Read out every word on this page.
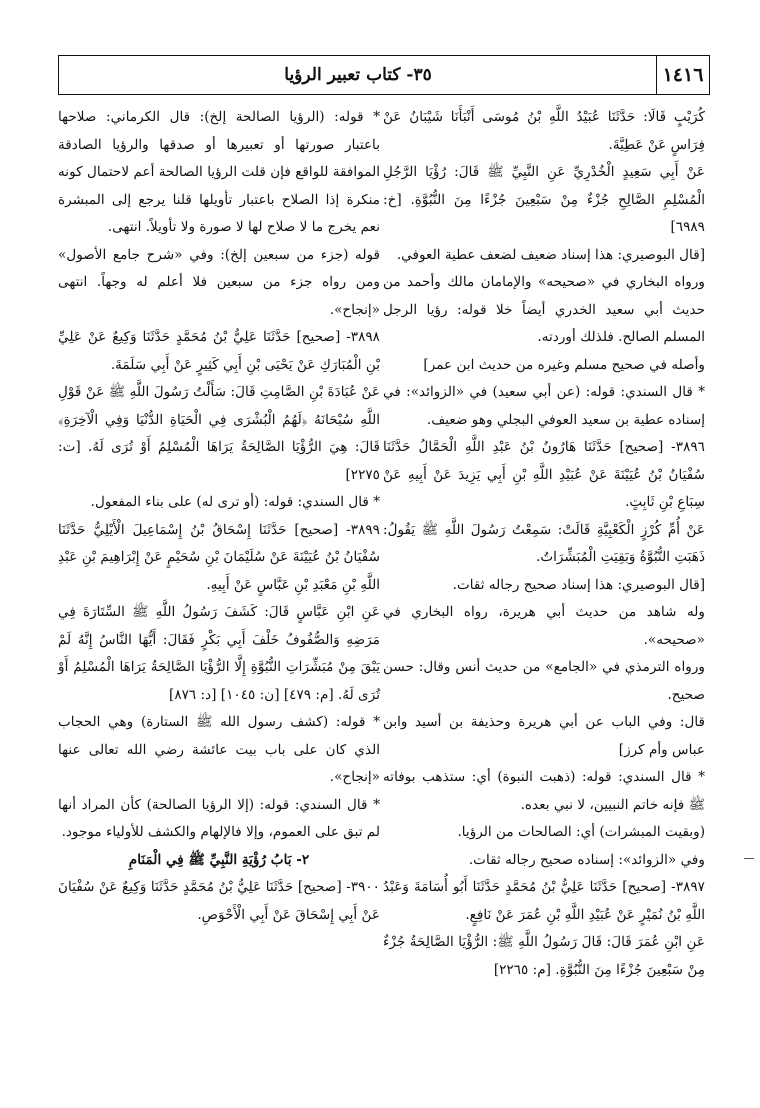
١٤١٦
٣٥- كتاب تعبير الرؤيا

كُرَيْبٍ قَالَا: حَدَّثَنَا عُبَيْدُ اللَّهِ بْنُ مُوسَى أَنْبَأَنَا شَيْبَانُ عَنْ فِرَاسٍ عَنْ عَطِيَّةَ.

عَنْ أَبِي سَعِيدٍ الْخُدْرِيِّ عَنِ النَّبِيِّ ﷺ قَالَ: رُؤْيَا الرَّجُلِ الْمُسْلِمِ الصَّالِحِ جُزْءٌ مِنْ سَبْعِينَ جُزْءًا مِنَ النُّبُوَّةِ. [خ: ٦٩٨٩]

[قال البوصيري: هذا إسناد ضعيف لضعف عطية العوفي.

ورواه البخاري في «صحيحه» والإمامان مالك وأحمد من حديث أبي سعيد الخدري أيضاً خلا قوله: رؤيا الرجل المسلم الصالح. فلذلك أوردته.

وأصله في صحيح مسلم وغيره من حديث ابن عمر]

* قال السندي: قوله: (عن أبي سعيد) في «الزوائد»: في إسناده عطية بن سعيد العوفي البجلي وهو ضعيف.

٣٨٩٦- [صحيح] حَدَّثَنَا هَارُونُ بْنُ عَبْدِ اللَّهِ الْحَمَّالُ حَدَّثَنَا سُفْيَانُ بْنُ عُيَيْنَةَ عَنْ عُبَيْدِ اللَّهِ بْنِ أَبِي يَزِيدَ عَنْ أَبِيهِ عَنْ سِبَاعِ بْنِ ثَابِتٍ.

عَنْ أُمِّ كُرْزٍ الْكَعْبِيَّةِ قَالَتْ: سَمِعْتُ رَسُولَ اللَّهِ ﷺ يَقُولُ: ذَهَبَتِ النُّبُوَّةُ وَبَقِيَتِ الْمُبَشِّرَاتُ.

[قال البوصيري: هذا إسناد صحيح رجاله ثقات.

وله شاهد من حديث أبي هريرة، رواه البخاري في «صحيحه».

ورواه الترمذي في «الجامع» من حديث أنس وقال: حسن صحيح.

قال: وفي الباب عن أبي هريرة وحذيفة بن أسيد وابن عباس وأم كرز]

* قال السندي: قوله: (ذهبت النبوة) أي: ستذهب بوفاته ﷺ فإنه خاتم النبيين، لا نبي بعده.

(وبقيت المبشرات) أي: الصالحات من الرؤيا.

وفي «الزوائد»: إسناده صحيح رجاله ثقات.

٣٨٩٧- [صحيح] حَدَّثَنَا عَلِيُّ بْنُ مُحَمَّدٍ حَدَّثَنَا أَبُو أُسَامَةَ وَعَبْدُ اللَّهِ بْنُ نُمَيْرٍ عَنْ عُبَيْدِ اللَّهِ بْنِ عُمَرَ عَنْ نَافِعٍ.

عَنِ ابْنِ عُمَرَ قَالَ: قَالَ رَسُولُ اللَّهِ ﷺ: الرُّؤْيَا الصَّالِحَةُ جُزْءٌ مِنْ سَبْعِينَ جُزْءًا مِنَ النُّبُوَّةِ. [م: ٢٢٦٥]

* قوله: (الرؤيا الصالحة إلخ): قال الكرماني: صلاحها باعتبار صورتها أو تعبيرها أو صدقها والرؤيا الصادقة الموافقة للواقع فإن قلت الرؤيا الصالحة أعم لاحتمال كونه منكرة إذا الصلاح باعتبار تأويلها قلنا يرجع إلى المبشرة نعم يخرج ما لا صلاح لها لا صورة ولا تأويلاً. انتهى.

قوله (جزء من سبعين إلخ): وفي «شرح جامع الأصول» ومن رواه جزء من سبعين فلا أعلم له وجهاً. انتهى «إنجاح».

٣٨٩٨- [صحيح] حَدَّثَنَا عَلِيُّ بْنُ مُحَمَّدٍ حَدَّثَنَا وَكِيعٌ عَنْ عَلِيِّ بْنِ الْمُبَارَكِ عَنْ يَحْيَى بْنِ أَبِي كَثِيرٍ عَنْ أَبِي سَلَمَةَ.

عَنْ عُبَادَةَ بْنِ الصَّامِتِ قَالَ: سَأَلْتُ رَسُولَ اللَّهِ ﷺ عَنْ قَوْلِ اللَّهِ سُبْحَانَهُ ﴿لَهُمُ الْبُشْرَى فِي الْحَيَاةِ الدُّنْيَا وَفِي الْآخِرَةِ﴾ قَالَ: هِيَ الرُّؤْيَا الصَّالِحَةُ يَرَاهَا الْمُسْلِمُ أَوْ تُرَى لَهُ. [ت: ٢٢٧٥]

* قال السندي: قوله: (أو ترى له) على بناء المفعول.

٣٨٩٩- [صحيح] حَدَّثَنَا إِسْحَاقُ بْنُ إِسْمَاعِيلَ الْأَيْلِيُّ حَدَّثَنَا سُفْيَانُ بْنُ عُيَيْنَةَ عَنْ سُلَيْمَانَ بْنِ سُحَيْمٍ عَنْ إِبْرَاهِيمَ بْنِ عَبْدِ اللَّهِ بْنِ مَعْبَدِ بْنِ عَبَّاسٍ عَنْ أَبِيهِ.

عَنِ ابْنِ عَبَّاسٍ قَالَ: كَشَفَ رَسُولُ اللَّهِ ﷺ السِّتَارَةَ فِي مَرَضِهِ وَالصُّفُوفُ خَلْفَ أَبِي بَكْرٍ فَقَالَ: أَيُّهَا النَّاسُ إِنَّهُ لَمْ يَبْقَ مِنْ مُبَشِّرَاتِ النُّبُوَّةِ إِلَّا الرُّؤْيَا الصَّالِحَةُ يَرَاهَا الْمُسْلِمُ أَوْ تُرَى لَهُ. [م: ٤٧٩] [ن: ١٠٤٥] [د: ٨٧٦]

* قوله: (كشف رسول الله ﷺ الستارة) وهي الحجاب الذي كان على باب بيت عائشة رضي الله تعالى عنها «إنجاح».

* قال السندي: قوله: (إلا الرؤيا الصالحة) كأن المراد أنها لم تبق على العموم، وإلا فالإلهام والكشف للأولياء موجود.

٢- بَابُ رُؤْيَةِ النَّبِيِّ ﷺ فِي الْمَنَامِ

٣٩٠٠- [صحيح] حَدَّثَنَا عَلِيُّ بْنُ مُحَمَّدٍ حَدَّثَنَا وَكِيعٌ عَنْ سُفْيَانَ عَنْ أَبِي إِسْحَاقَ عَنْ أَبِي الْأَحْوَصِ.
